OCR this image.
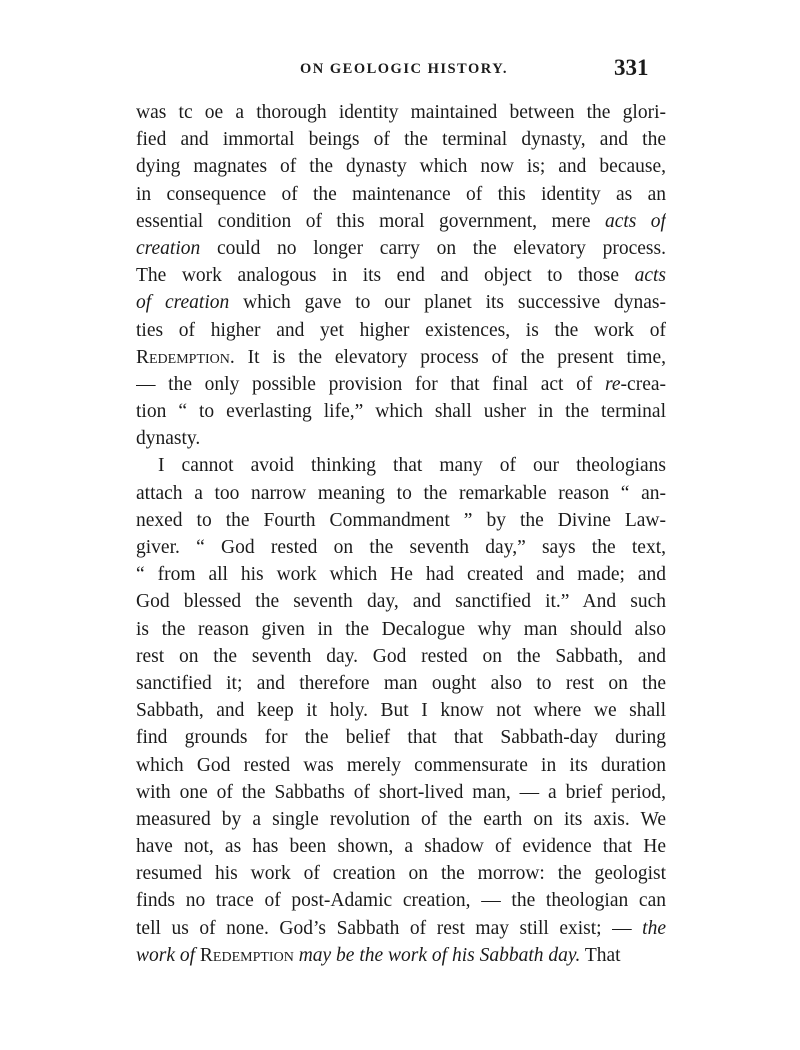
ON GEOLOGIC HISTORY.	331
was tc oe a thorough identity maintained between the glori-
fied and immortal beings of the terminal dynasty, and the
dying magnates of the dynasty which now is; and because,
in consequence of the maintenance of this identity as an
essential condition of this moral government, mere acts of
creation could no longer carry on the elevatory process.
The work analogous in its end and object to those acts
of creation which gave to our planet its successive dynas-
ties of higher and yet higher existences, is the work of
Redemption. It is the elevatory process of the present time,
— the only possible provision for that final act of re-crea-
tion “ to everlasting life,” which shall usher in the terminal
dynasty.
I cannot avoid thinking that many of our theologians
attach a too narrow meaning to the remarkable reason “ an-
nexed to the Fourth Commandment ” by the Divine Law-
giver. “ God rested on the seventh day,” says the text,
“ from all his work which He had created and made; and
God blessed the seventh day, and sanctified it.” And such
is the reason given in the Decalogue why man should also
rest on the seventh day. God rested on the Sabbath, and
sanctified it; and therefore man ought also to rest on the
Sabbath, and keep it holy. But I know not where we shall
find grounds for the belief that that Sabbath-day during
which God rested was merely commensurate in its duration
with one of the Sabbaths of short-lived man, — a brief period,
measured by a single revolution of the earth on its axis. We
have not, as has been shown, a shadow of evidence that He
resumed his work of creation on the morrow: the geologist
finds no trace of post-Adamic creation, — the theologian can
tell us of none. God’s Sabbath of rest may still exist; — the
work of Redemption may be the work of his Sabbath day. That
